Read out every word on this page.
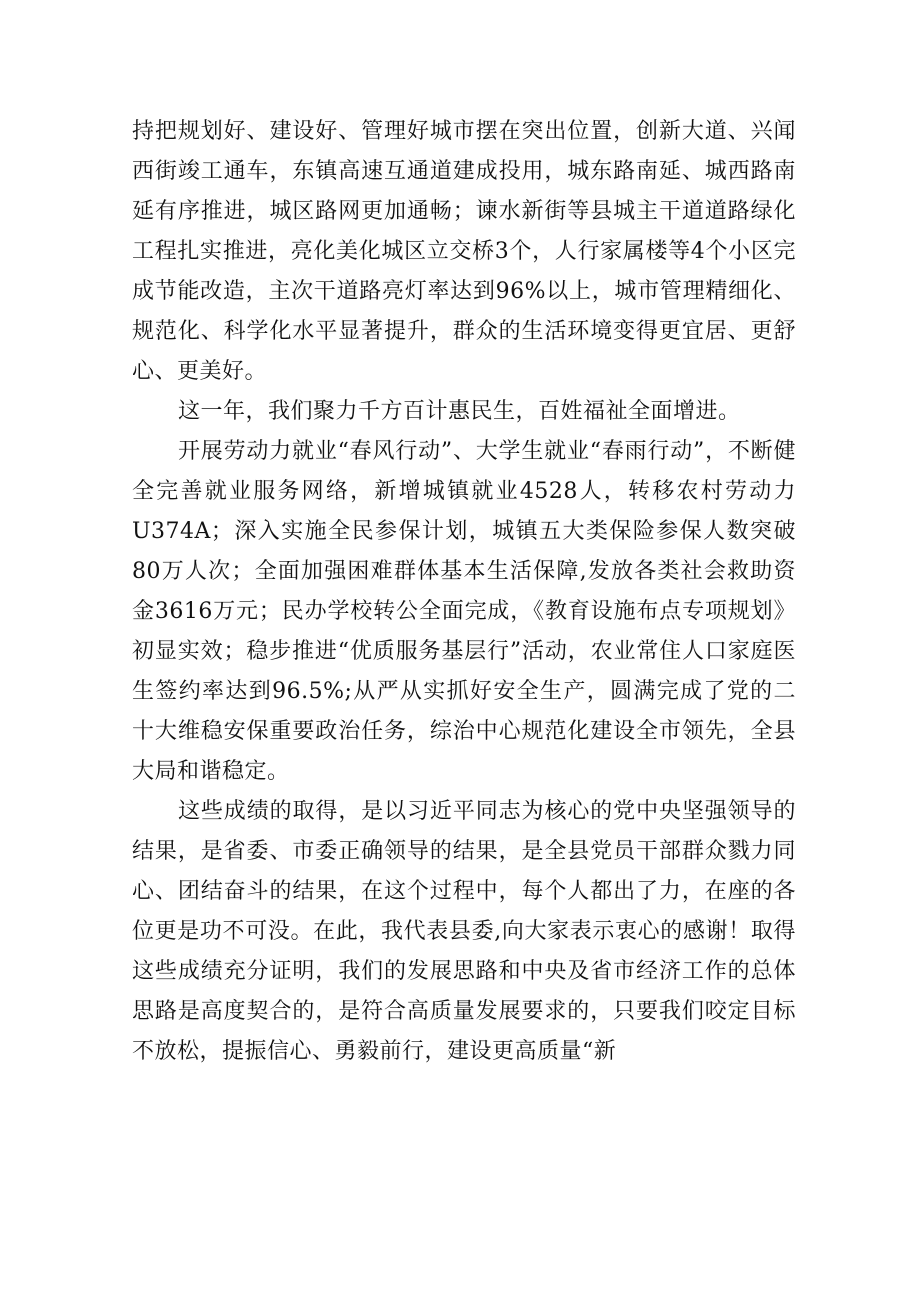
持把规划好、建设好、管理好城市摆在突出位置，创新大道、兴闻西街竣工通车，东镇高速互通道建成投用，城东路南延、城西路南延有序推进，城区路网更加通畅；谏水新街等县城主干道道路绿化工程扎实推进，亮化美化城区立交桥3个，人行家属楼等4个小区完成节能改造，主次干道路亮灯率达到96%以上，城市管理精细化、规范化、科学化水平显著提升，群众的生活环境变得更宜居、更舒心、更美好。

这一年，我们聚力千方百计惠民生，百姓福祉全面增进。

开展劳动力就业“春风行动”、大学生就业“春雨行动”，不断健全完善就业服务网络，新增城镇就业4528人，转移农村劳动力U374A；深入实施全民参保计划，城镇五大类保险参保人数突破80万人次；全面加强困难群体基本生活保障,发放各类社会救助资金3616万元；民办学校转公全面完成，《教育设施布点专项规划》初显实效；稳步推进“优质服务基层行”活动，农业常住人口家庭医生签约率达到96.5%;从严从实抓好安全生产，圆满完成了党的二十大维稳安保重要政治任务，综治中心规范化建设全市领先，全县大局和谐稳定。

这些成绩的取得，是以习近平同志为核心的党中央坚强领导的结果，是省委、市委正确领导的结果，是全县党员干部群众戮力同心、团结奋斗的结果，在这个过程中，每个人都出了力，在座的各位更是功不可没。在此，我代表县委,向大家表示衷心的感谢！取得这些成绩充分证明，我们的发展思路和中央及省市经济工作的总体思路是高度契合的，是符合高质量发展要求的，只要我们咬定目标不放松，提振信心、勇毅前行，建设更高质量“新
